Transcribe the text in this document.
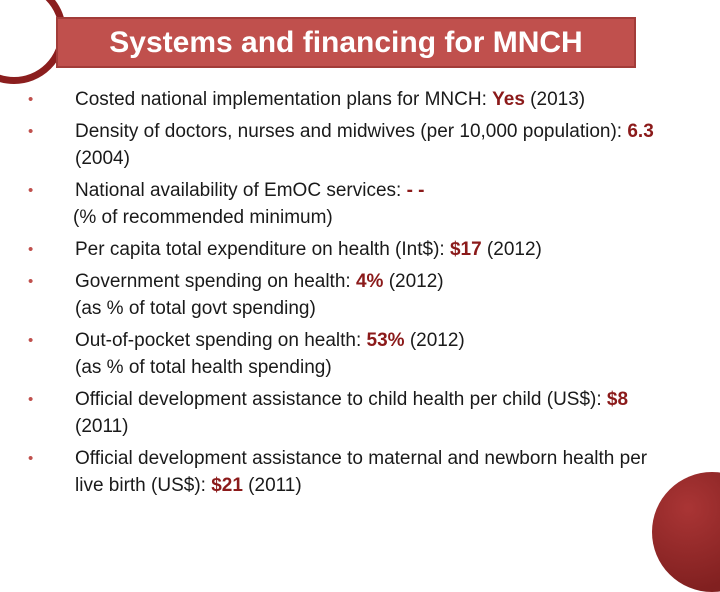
Systems and financing for MNCH
• Costed national implementation plans for MNCH: Yes (2013)
• Density of doctors, nurses and midwives (per 10,000 population): 6.3 (2004)
• National availability of EmOC services: - -
(% of recommended minimum)
• Per capita total expenditure on health (Int$): $17 (2012)
• Government spending on health: 4% (2012)
(as % of total govt spending)
• Out-of-pocket spending on health: 53% (2012)
(as % of total health spending)
• Official development assistance to child health per child (US$): $8 (2011)
• Official development assistance to maternal and newborn health per live birth (US$): $21 (2011)
